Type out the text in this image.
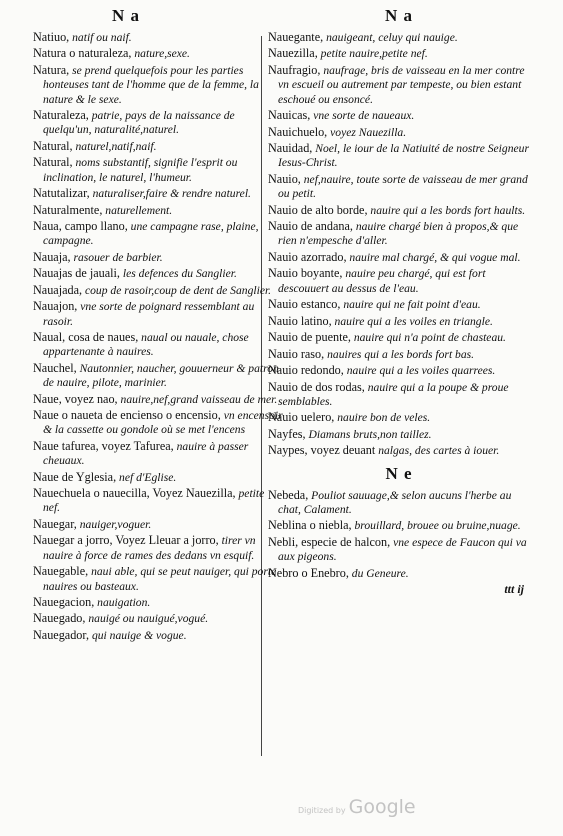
N a	N a
Natiuo, natif ou naif.
Natura o naturaleza, nature,sexe.
Natura, se prend quelquefois pour les parties honteuses tant de l'homme que de la femme, la nature & le sexe.
Naturaleza, patrie, pays de la naissance de quelqu'un, naturalité,naturel.
Natural, naturel,natif,naif.
Natural, noms substantif, signifie l'esprit ou inclination, le naturel, l'humeur.
Natutalizar, naturaliser,faire & rendre naturel.
Naturalmente, naturellement.
Naua, campo llano, une campagne rase, plaine, campagne.
Nauaja, rasouer de barbier.
Nauajas de jauali, les defences du Sanglier.
Nauajada, coup de rasoir,coup de dent de Sanglier.
Nauajon, vne sorte de poignard ressemblant au rasoir.
Naual, cosa de naues, naual ou nauale, chose appartenante à nauires.
Nauchel, Nautonnier, naucher, gouuerneur & patron de nauire, pilote, marinier.
Naue, voyez nao, nauire,nef,grand vaisseau de mer.
Naue o naueta de enciensо o encensio, vn encensoir & la cassette ou gondole où se met l'encens
Naue tafurea, voyez Tafurea, nauire à passer cheuaux.
Naue de Yglesia, nef d'Eglise.
Nauechuela o nauecilla, Voyez Nauezilla, petite nef.
Nauegar, nauiger,voguer.
Nauegar a jorro, Voyez Lleuar a jorro, tirer vn nauire à force de rames des dedans vn esquif.
Nauegable, naui able, qui se peut nauiger, qui porte nauires ou basteaux.
Nauegacion, nauigation.
Nauegado, nauigé ou nauigué,vogué.
Nauegador, qui nauige & vogue.
Nauegante, nauigeant, celuy qui nauige.
Nauezilla, petite nauire,petite nef.
Naufragio, naufrage, bris de vaisseau en la mer contre vn escueil ou autrement par tempeste, ou bien estant eschoué ou ensoncé.
Nauicas, vne sorte de naueaux.
Nauichuelo, voyez Nauezilla.
Nauidad, Noel, le iour de la Natiuité de nostre Seigneur Iesus-Christ.
Nauio, nef,nauire, toute sorte de vaisseau de mer grand ou petit.
Nauio de alto borde, nauire qui a les bords fort haults.
Nauio de andana, nauire chargé bien à propos,& que rien n'empesche d'aller.
Nauio azorrado, nauire mal chargé, & qui vogue mal.
Nauio boyante, nauire peu chargé, qui est fort descouuert au dessus de l'eau.
Nauio estanco, nauire qui ne fait point d'eau.
Nauio latino, nauire qui a les voiles en triangle.
Nauio de puente, nauire qui n'a point de chasteau.
Nauio raso, nauires qui a les bords fort bas.
Nauio redondo, nauire qui a les voiles quarrees.
Nauio de dos rodas, nauire qui a la poupe & proue semblables.
Nauio uelero, nauire bon de veles.
Nayfes, Diamans bruts,non taillez.
Naypes, voyez deuant nalgas, des cartes à iouer.
N e
Nebeda, Pouliot sauuage,& selon aucuns l'herbe au chat, Calament.
Neblina o niebla, brouillard, brouee ou bruine,nuage.
Nebli, especie de halcon, vne espece de Faucon qui va aux pigeons.
Nebro o Enebro, du Geneure.
ttt ij
Digitized by Google
